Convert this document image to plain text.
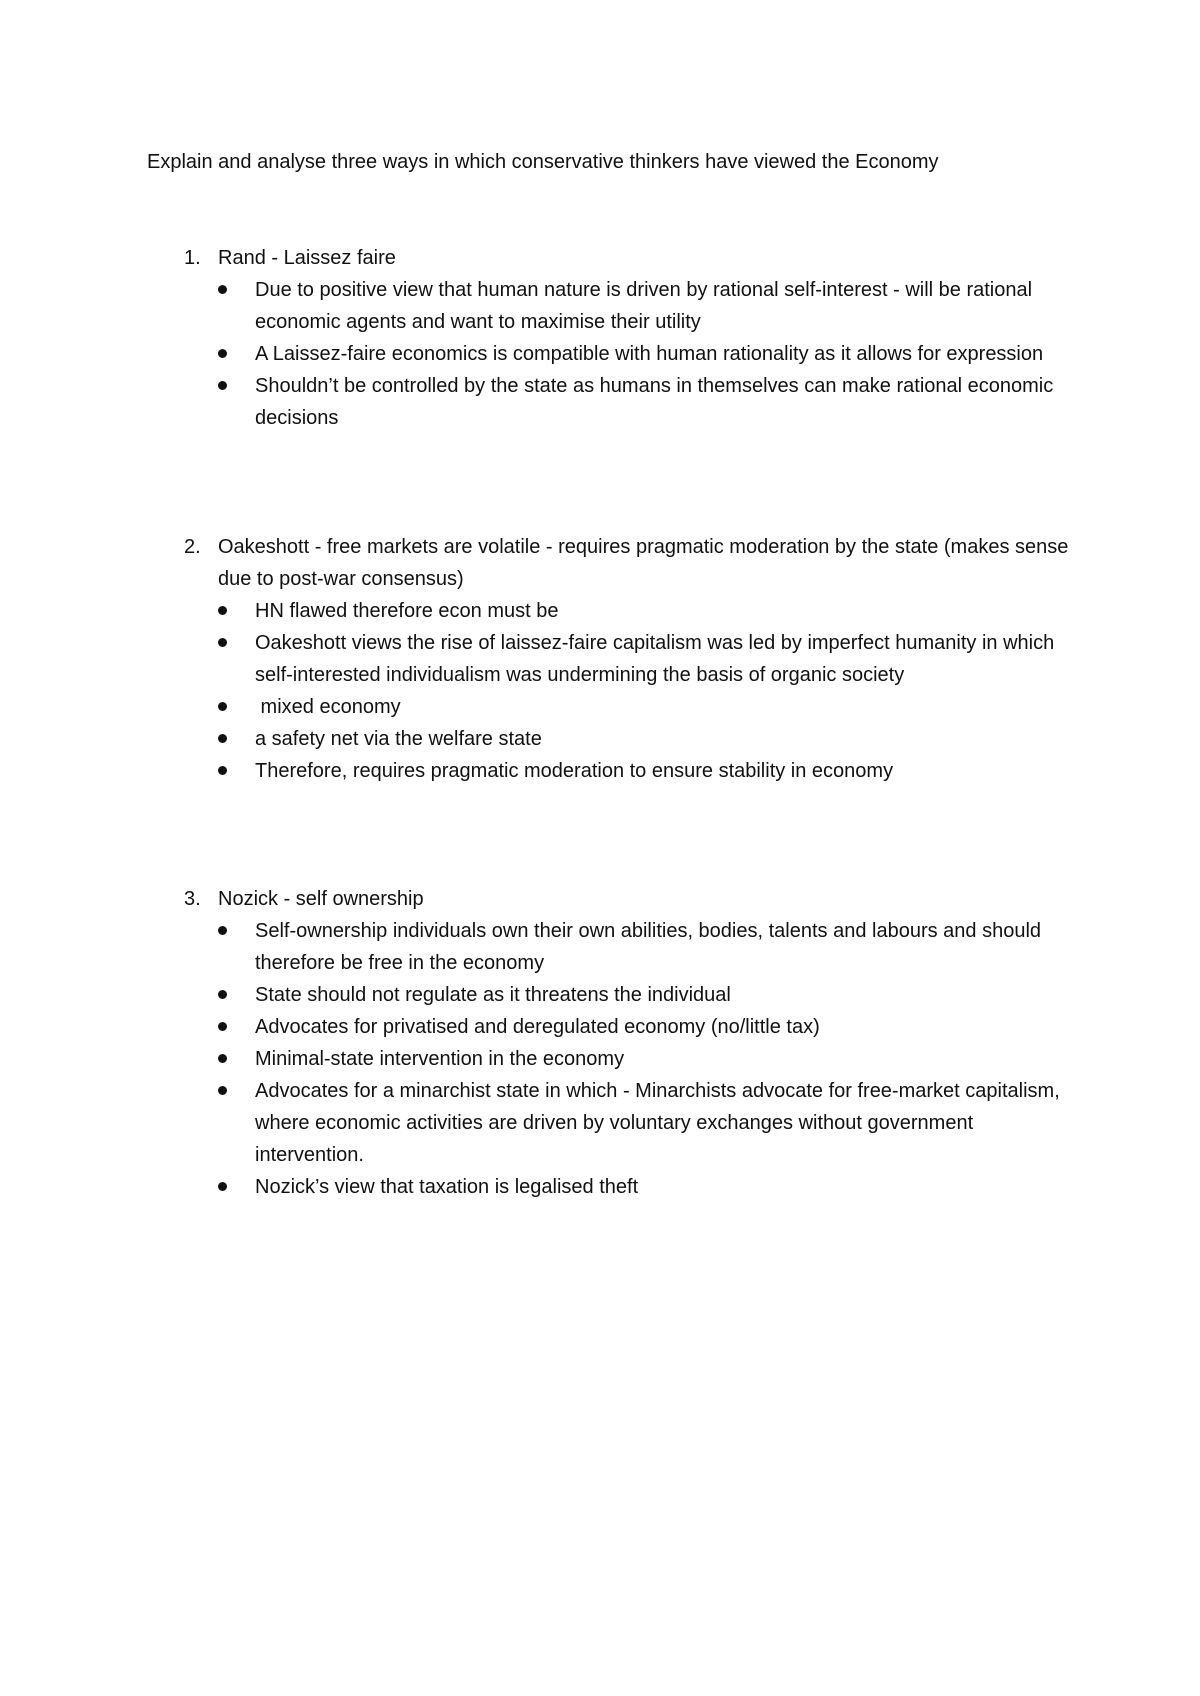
Explain and analyse three ways in which conservative thinkers have viewed the Economy

1. Rand - Laissez faire

Due to positive view that human nature is driven by rational self-interest - will be rational economic agents and want to maximise their utility
A Laissez-faire economics is compatible with human rationality as it allows for expression
Shouldn’t be controlled by the state as humans in themselves can make rational economic decisions

2. Oakeshott - free markets are volatile - requires pragmatic moderation by the state (makes sense due to post-war consensus)

HN flawed therefore econ must be
Oakeshott views the rise of laissez-faire capitalism was led by imperfect humanity in which self-interested individualism was undermining the basis of organic society
mixed economy
a safety net via the welfare state
Therefore, requires pragmatic moderation to ensure stability in economy

3. Nozick - self ownership

Self-ownership individuals own their own abilities, bodies, talents and labours and should therefore be free in the economy
State should not regulate as it threatens the individual
Advocates for privatised and deregulated economy (no/little tax)
Minimal-state intervention in the economy
Advocates for a minarchist state in which - Minarchists advocate for free-market capitalism, where economic activities are driven by voluntary exchanges without government intervention.
Nozick’s view that taxation is legalised theft
